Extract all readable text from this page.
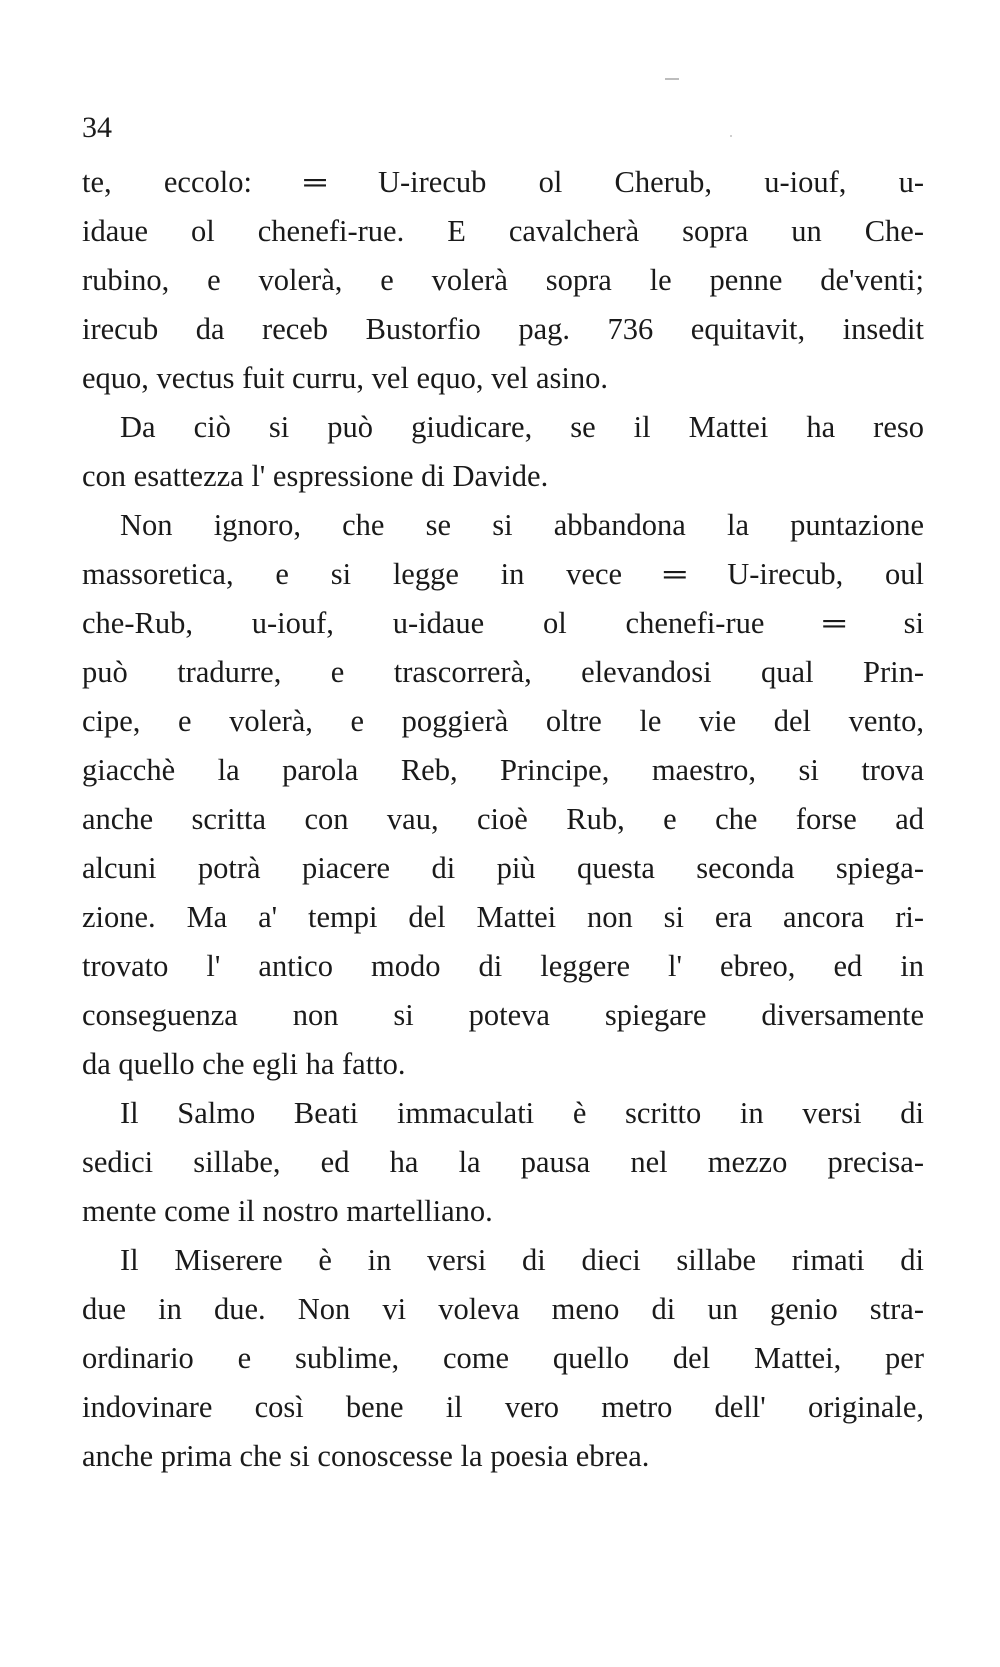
34
te, eccolo: ═ U-irecub ol Cherub, u-iouf, u-
idaue ol chenefi-rue. E cavalcherà sopra un Che-
rubino, e volerà, e volerà sopra le penne de'venti;
irecub da receb Bustorfio pag. 736 equitavit, insedit
equo, vectus fuit curru, vel equo, vel asino.
Da ciò si può giudicare, se il Mattei ha reso
con esattezza l' espressione di Davide.
Non ignoro, che se si abbandona la puntazione
massoretica, e si legge in vece ═ U-irecub, oul
che-Rub, u-iouf, u-idaue ol chenefi-rue ═ si
può tradurre, e trascorrerà, elevandosi qual Prin-
cipe, e volerà, e poggierà oltre le vie del vento,
giacchè la parola Reb, Principe, maestro, si trova
anche scritta con vau, cioè Rub, e che forse ad
alcuni potrà piacere di più questa seconda spiega-
zione. Ma a' tempi del Mattei non si era ancora ri-
trovato l' antico modo di leggere l' ebreo, ed in
conseguenza non si poteva spiegare diversamente
da quello che egli ha fatto.
Il Salmo Beati immaculati è scritto in versi di
sedici sillabe, ed ha la pausa nel mezzo precisa-
mente come il nostro martelliano.
Il Miserere è in versi di dieci sillabe rimati di
due in due. Non vi voleva meno di un genio stra-
ordinario e sublime, come quello del Mattei, per
indovinare così bene il vero metro dell' originale,
anche prima che si conoscesse la poesia ebrea.
